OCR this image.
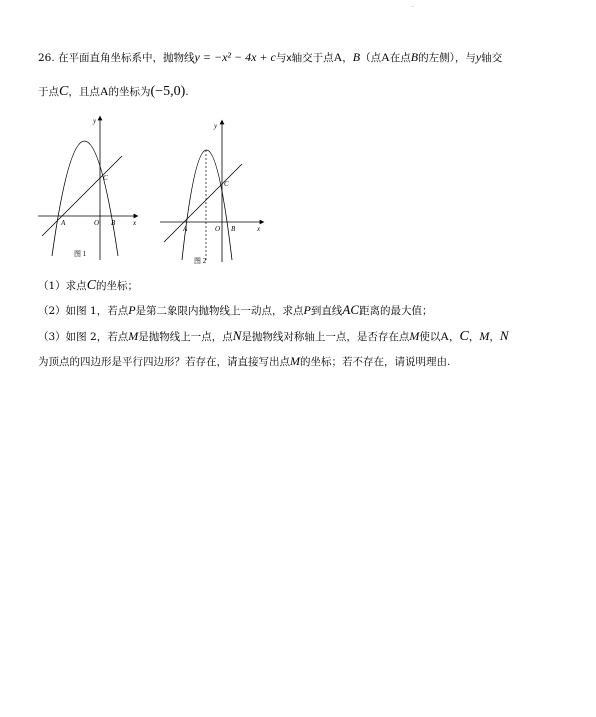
·
26. 在平面直角坐标系中，抛物线y = −x² − 4x + c与x轴交于点A，B（点A在点B的左侧），与y轴交
于点C，且点A的坐标为(−5,0).
y
x
O
A	B
C
图 1
y
x
O
A	B
C
图 2
（1）求点C的坐标；
（2）如图 1，若点P是第二象限内抛物线上一动点，求点P到直线AC距离的最大值；
（3）如图 2，若点M是抛物线上一点，点N是抛物线对称轴上一点，是否存在点M使以A，C，M，N
为顶点的四边形是平行四边形？若存在，请直接写出点M的坐标；若不存在，请说明理由.
